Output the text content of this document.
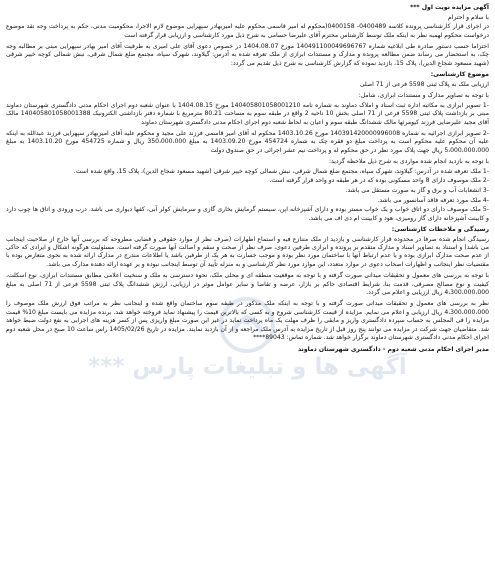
آگهی ها و تبلیغات پارس ***

آگهی مزایده نوبت اول ***

با سلام و احترام

در اجرای قرار کارشناسی پرونده کلاسه 0400489- 0400158(محکوم له امیر قاسمی محکوم علیه امیربهادر سپهرایی موضوع لازم الاجرا، محکومیت مدنی، حکم به پرداخت وجه نقد موضوع درخواست محکوم لهمبه نظر به اینکه ملک توسط کارشناس محترم آقای علیرضا حسامی به شرح ذیل مورد کارشناسی و ارزیابی قرار گرفته است

احتراما حسب دستور صادره طی ابلاغیه شماره 140491100049696767 مورخ 1404.08.07 در خصوص دعوی آقای علی امیری به طرفیت آقای امیر بهادر سپهرایی مبنی بر مطالبه وجه چک، به استحضار می رساند ضمن مطالعه پرونده و مدارک و مستندات ابرازی از ملک تعرفه شده به آدرس: گیلاوند، شهرک سپاه، مجتمع ضلع شمال شرقی، نبش شمالی کوچه خیبر شرقی (شهید مسعود شجاع الدین)، پلاک 15، بازدید نموده که گزارش کارشناسی به شرح ذیل تقدیم می گردد:

موضوع کارشناسی:

ارزیابی ملک به پلاک ثبتی 5598 فرعی از 71 اصلی

با توجه به تصاویر مدارک و مستندات ابرازی، شامل:

-1 تصویر ابرازی به مکاتبه اداره ثبت اسناد و املاک دماوند به شماره نامه 140405801058001210 مورخ 1404.08.15 با عنوان شعبه دوم اجرای احکام مدنی دادگستری شهرستان دماوند مبنی بر بازداشت پلاک ثبتی 5598 فرعی از 71 اصلی بخش 10 ناحیه 2 واقع در طبقه سوم به مساحت 80.21 مترمربع با شماره دفتر بازداشتی الکترونیک 140405801058001388 مالک آقای مجید علیرضایی فرزند کیومرثها مالک ششدانگ طبقه سوم و اعیان به لحاظ شعبه دوم اجرای احکام مدنی دادگستری شهرستان دماوند

-2 تصویر ابرازی اجرائیه به شماره 140391420000996008 مورخ 1403.10.26 محکوم له آقای امیر قاسمی فرزند علی مجید و محکوم علیه آقای امیربهادر سپهرایی فرزند عبدالله به اینکه علیه آن محکوم علیه محکوم است به پرداخت مبلغ دو فقره چک به شماره 454724 مورخ 1403.09.20 به مبلغ 350،000،000 ریال و شماره 454725 مورخ 1403.10.20 به مبلغ 5،000،000،000 ریال جهت پلاک مورد نظر در حق محکوم له و پرداخت نیم عشر اجرائی در حق صندوق دولت

با توجه به بازدید انجام شده مواردی به شرح ذیل ملاحظه گردید:

-1 ملک تعرفه شده در آدرس: گیلاوند، شهرک سپاه، مجتمع ضلع شمال شرقی، نبش شمالی کوچه خیبر شرقی (شهید مسعود شجاع الدین)، پلاک 15، واقع شده است.

-2 ملک موصوف دارای 8 واحد مسکونی بوده که در هر طبقه دو واحد قرار گرفته است.

-3 انشعابات آب و برق و گاز به صورت مستقل می باشد.

-4 ملک مورد تعرفه فاقد آسانسور می باشد.

-5 ملک موصوف دارای دو اتاق خواب و یک خواب مستر بوده و دارای آشپزخانه اپن، سیستم گرمایش بخاری گازی و سرمایش کولر آبی، کفها دیواری می باشد. درب ورودی و اتاق ها چوب دارد و کابینت آشپزخانه دارای گاز رومیزی، هود و کابینت ام دی اف می باشد.

رسیدگی و ملاحظات کارشناسی:

رسیدگی انجام شده صرفا در محدوده قرار کارشناسی و بازدید از ملک متنازع فیه و استماع اظهارات (صرف نظر از موارد حقوقی و قضایی مطروحه که بررسی آنها خارج از صلاحیت اینجانب می باشد) و استناد به تصاویر اسناد و مدارک متقدم بر پرونده و ابرازی طرفین دعوی، صرف نظر از صحت و سقم و اصالت آنها صورت گرفته است. مسئولیت هرگونه اشکال و ایرادی که حاکی از عدم صحت مدارک ابرازی بوده و یا عدم ارتباط آنها با ساختمان مورد نظر بوده و موجب خسارت به هر یک از طرفین باشد یا اطلاعات مندرج در مدارک ارائه شده به نحوی متعارض بوده با مقتضیات نظر اینجانب و اظهارات اصحاب دعوی در موارد متعدد، این موارد مورد نظر کارشناسی و به منزله تأیید آن توسط اینجانب نبوده و بر عهده ارائه دهنده مدارک می باشد.

با توجه به بررسی های معمول و تحقیقات میدانی صورت گرفته و با توجه به موقعیت منطقه ای و محلی ملک، نحوه دسترسی به ملک و سنخیت اعلامی مطابق مستندات ابرازی، نوع اسکلت، کیفیت و نوع مصالح مصرفی، قدمت بنا، شرایط اقتصادی حاکم بر بازار، عرضه و تقاضا و سایر عوامل موثر در ارزیابی، ارزش ششدانگ پلاک ثبتی 5598 فرعی از 71 اصلی به مبلغ 4،300،000،000 ریال ارزیابی و اعلام می گردد.

نظر به بررسی های معمول و تحقیقات میدانی صورت گرفته و با توجه به اینکه ملک مذکور در طبقه سوم ساختمان واقع شده و اینجانب نظر به مراتب فوق ارزش ملک موصوف را 4،300،000،000 ریال ارزیابی و اعلام می نمایم. مزایده از قیمت کارشناسی شروع و به کسی که بالاترین قیمت را پیشنهاد نماید فروخته خواهد شد. برنده مزایده می بایست مبلغ 10% قیمت مزایده را فی المجلس به حساب سپرده دادگستری واریز و مابقی را ظرف مهلت یک ماه پرداخت نماید در غیر این صورت مبلغ واریزی پس از کسر هزینه های اجرایی به نفع دولت ضبط خواهد شد. متقاضیان جهت شرکت در مزایده می توانند پنج روز قبل از تاریخ مزایده به آدرس ملک مراجعه و از آن بازدید نمایند. مزایده در تاریخ 1405/02/26 راس ساعت 10 صبح در محل شعبه دوم اجرای احکام مدنی دادگستری شهرستان دماوند برگزار خواهد شد. شماره تماس: 89043****

مدیر اجرای احکام مدنی شعبه دوم - دادگستری شهرستان دماوند
